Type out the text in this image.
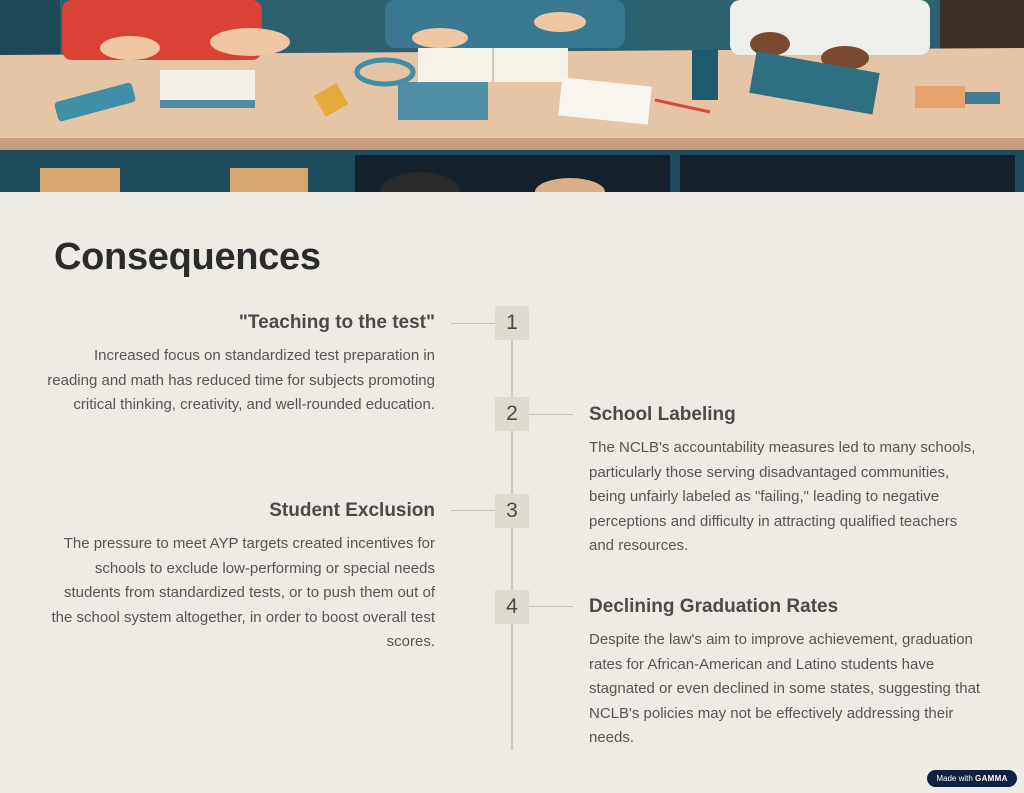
Consequences
1
"Teaching to the test"

Increased focus on standardized test preparation in reading and math has reduced time for subjects promoting critical thinking, creativity, and well-rounded education.	2	School Labeling

The NCLB's accountability measures led to many schools, particularly those serving disadvantaged communities, being unfairly labeled as "failing," leading to negative perceptions and difficulty in attracting qualified teachers and resources.

3
Student Exclusion

The pressure to meet AYP targets created incentives for schools to exclude low-performing or special needs students from standardized tests, or to push them out of the school system altogether, in order to boost overall test scores.

4	Declining Graduation Rates

Despite the law's aim to improve achievement, graduation rates for African-American and Latino students have stagnated or even declined in some states, suggesting that NCLB's policies may not be effectively addressing their needs.

Made with GAMMA
